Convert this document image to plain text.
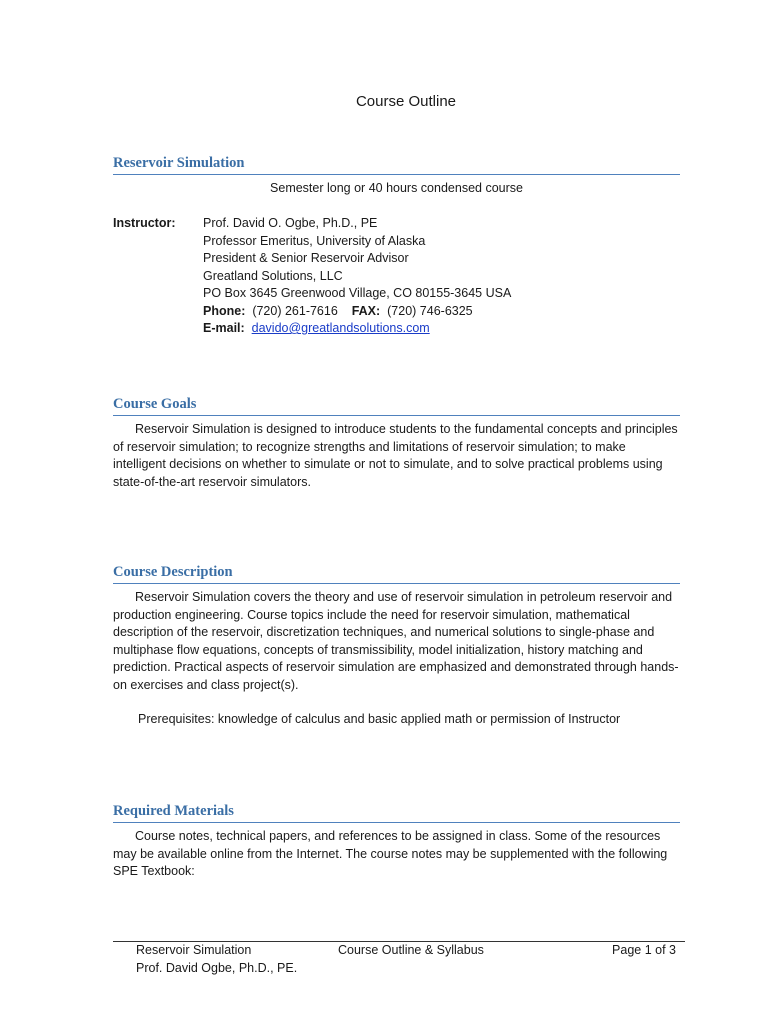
Course Outline
Reservoir Simulation
Semester long or 40 hours condensed course
Instructor:	Prof. David O. Ogbe, Ph.D., PE
Professor Emeritus, University of Alaska
President & Senior Reservoir Advisor
Greatland Solutions, LLC
PO Box 3645 Greenwood Village, CO 80155-3645 USA
Phone: (720) 261-7616 FAX: (720) 746-6325
E-mail: davido@greatlandsolutions.com
Course Goals
Reservoir Simulation is designed to introduce students to the fundamental concepts and principles of reservoir simulation; to recognize strengths and limitations of reservoir simulation; to make intelligent decisions on whether to simulate or not to simulate, and to solve practical problems using state-of-the-art reservoir simulators.
Course Description
Reservoir Simulation covers the theory and use of reservoir simulation in petroleum reservoir and production engineering. Course topics include the need for reservoir simulation, mathematical description of the reservoir, discretization techniques, and numerical solutions to single-phase and multiphase flow equations, concepts of transmissibility, model initialization, history matching and prediction. Practical aspects of reservoir simulation are emphasized and demonstrated through hands-on exercises and class project(s).
Prerequisites: knowledge of calculus and basic applied math or permission of Instructor
Required Materials
Course notes, technical papers, and references to be assigned in class. Some of the resources may be available online from the Internet. The course notes may be supplemented with the following SPE Textbook:
Reservoir Simulation
Prof. David Ogbe, Ph.D., PE.
Course Outline & Syllabus	Page 1 of 3
